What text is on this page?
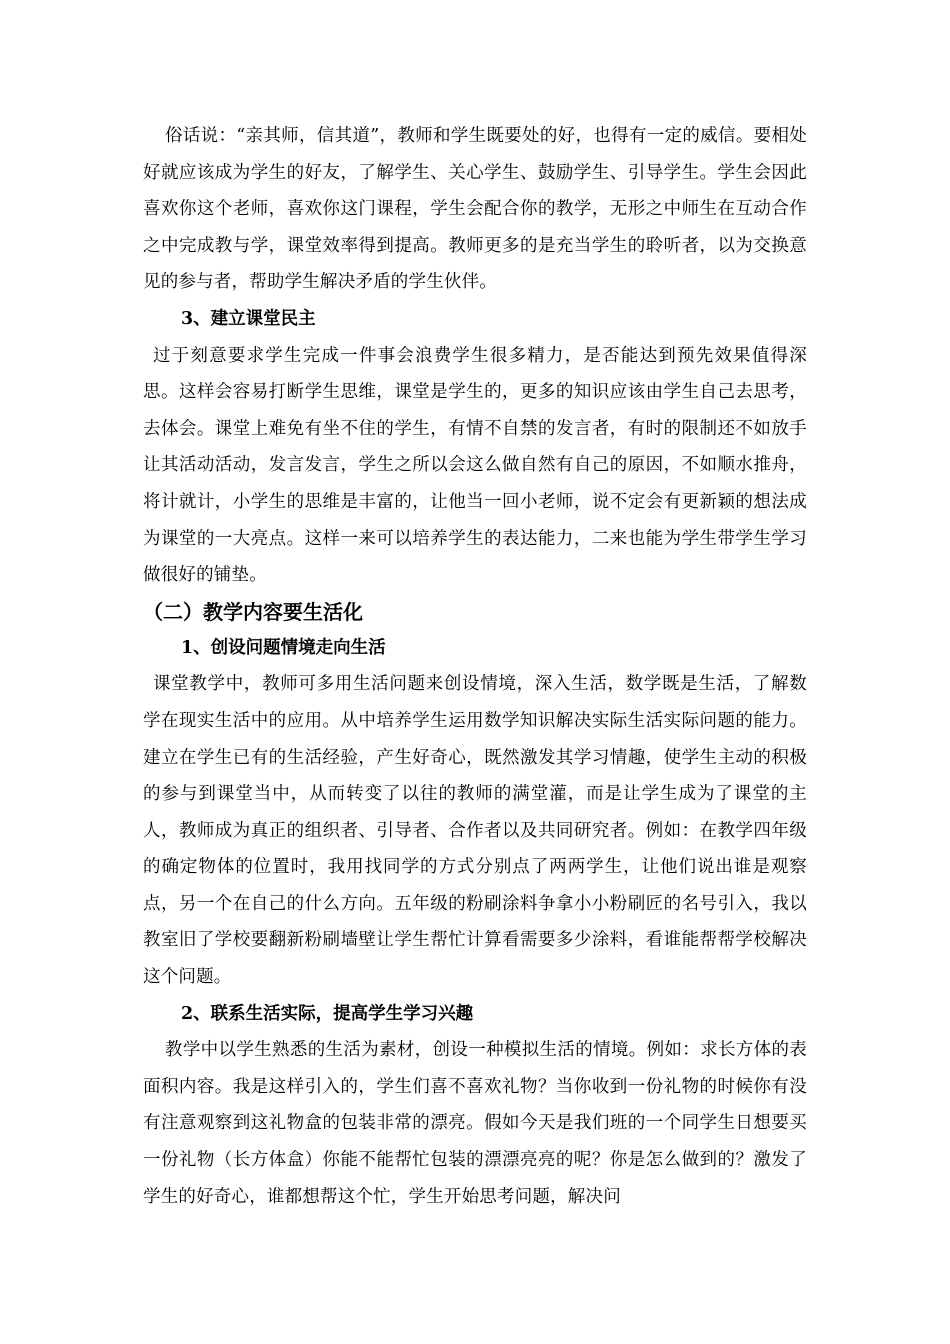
俗话说：“亲其师，信其道”，教师和学生既要处的好，也得有一定的威信。要相处好就应该成为学生的好友，了解学生、关心学生、鼓励学生、引导学生。学生会因此喜欢你这个老师，喜欢你这门课程，学生会配合你的教学，无形之中师生在互动合作之中完成教与学，课堂效率得到提高。教师更多的是充当学生的聆听者，以为交换意见的参与者，帮助学生解决矛盾的学生伙伴。

3、建立课堂民主

过于刻意要求学生完成一件事会浪费学生很多精力，是否能达到预先效果值得深思。这样会容易打断学生思维，课堂是学生的，更多的知识应该由学生自己去思考，去体会。课堂上难免有坐不住的学生，有情不自禁的发言者，有时的限制还不如放手让其活动活动，发言发言，学生之所以会这么做自然有自己的原因，不如顺水推舟，将计就计，小学生的思维是丰富的，让他当一回小老师，说不定会有更新颖的想法成为课堂的一大亮点。这样一来可以培养学生的表达能力，二来也能为学生带学生学习做很好的铺垫。

（二）教学内容要生活化

1、创设问题情境走向生活

课堂教学中，教师可多用生活问题来创设情境，深入生活，数学既是生活，了解数学在现实生活中的应用。从中培养学生运用数学知识解决实际生活实际问题的能力。建立在学生已有的生活经验，产生好奇心，既然激发其学习情趣，使学生主动的积极的参与到课堂当中，从而转变了以往的教师的满堂灌，而是让学生成为了课堂的主人，教师成为真正的组织者、引导者、合作者以及共同研究者。例如：在教学四年级的确定物体的位置时，我用找同学的方式分别点了两两学生，让他们说出谁是观察点，另一个在自己的什么方向。五年级的粉刷涂料争拿小小粉刷匠的名号引入，我以教室旧了学校要翻新粉刷墙壁让学生帮忙计算看需要多少涂料，看谁能帮帮学校解决这个问题。

2、联系生活实际，提高学生学习兴趣

教学中以学生熟悉的生活为素材，创设一种模拟生活的情境。例如：求长方体的表面积内容。我是这样引入的，学生们喜不喜欢礼物？当你收到一份礼物的时候你有没有注意观察到这礼物盒的包装非常的漂亮。假如今天是我们班的一个同学生日想要买一份礼物（长方体盒）你能不能帮忙包装的漂漂亮亮的呢？你是怎么做到的？激发了学生的好奇心，谁都想帮这个忙，学生开始思考问题，解决问
